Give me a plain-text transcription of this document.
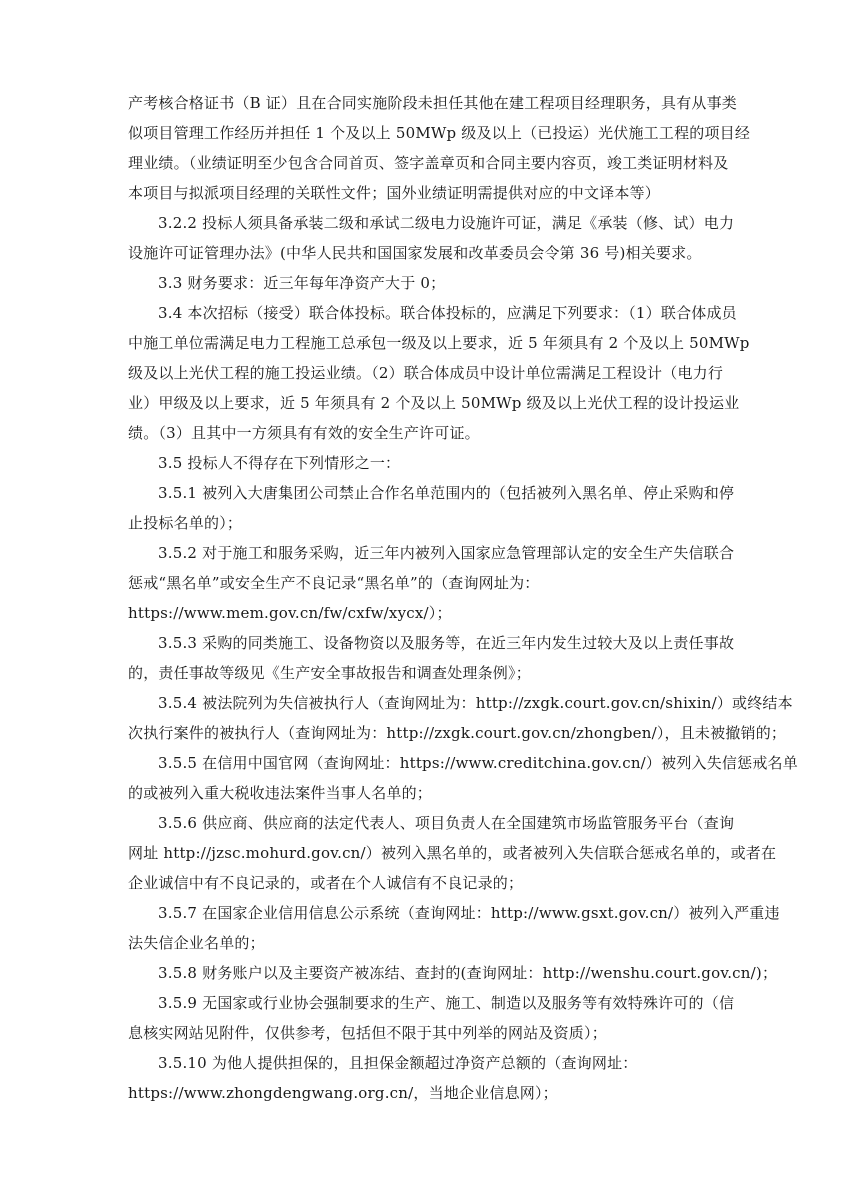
产考核合格证书（B 证）且在合同实施阶段未担任其他在建工程项目经理职务，具有从事类
似项目管理工作经历并担任 1 个及以上 50MWp 级及以上（已投运）光伏施工工程的项目经
理业绩。（业绩证明至少包含合同首页、签字盖章页和合同主要内容页，竣工类证明材料及
本项目与拟派项目经理的关联性文件；国外业绩证明需提供对应的中文译本等）
3.2.2 投标人须具备承装二级和承试二级电力设施许可证，满足《承装（修、试）电力
设施许可证管理办法》(中华人民共和国国家发展和改革委员会令第 36 号)相关要求。
3.3 财务要求：近三年每年净资产大于 0；
3.4 本次招标（接受）联合体投标。联合体投标的，应满足下列要求：（1）联合体成员
中施工单位需满足电力工程施工总承包一级及以上要求，近 5 年须具有 2 个及以上 50MWp
级及以上光伏工程的施工投运业绩。（2）联合体成员中设计单位需满足工程设计（电力行
业）甲级及以上要求，近 5 年须具有 2 个及以上 50MWp 级及以上光伏工程的设计投运业
绩。（3）且其中一方须具有有效的安全生产许可证。
3.5 投标人不得存在下列情形之一：
3.5.1 被列入大唐集团公司禁止合作名单范围内的（包括被列入黑名单、停止采购和停
止投标名单的）；
3.5.2 对于施工和服务采购，近三年内被列入国家应急管理部认定的安全生产失信联合
惩戒“黑名单”或安全生产不良记录“黑名单”的（查询网址为：
https://www.mem.gov.cn/fw/cxfw/xycx/）；
3.5.3 采购的同类施工、设备物资以及服务等，在近三年内发生过较大及以上责任事故
的，责任事故等级见《生产安全事故报告和调查处理条例》；
3.5.4 被法院列为失信被执行人（查询网址为：http://zxgk.court.gov.cn/shixin/）或终结本
次执行案件的被执行人（查询网址为：http://zxgk.court.gov.cn/zhongben/），且未被撤销的；
3.5.5 在信用中国官网（查询网址：https://www.creditchina.gov.cn/）被列入失信惩戒名单
的或被列入重大税收违法案件当事人名单的；
3.5.6 供应商、供应商的法定代表人、项目负责人在全国建筑市场监管服务平台（查询
网址 http://jzsc.mohurd.gov.cn/）被列入黑名单的，或者被列入失信联合惩戒名单的，或者在
企业诚信中有不良记录的，或者在个人诚信有不良记录的；
3.5.7 在国家企业信用信息公示系统（查询网址：http://www.gsxt.gov.cn/）被列入严重违
法失信企业名单的；
3.5.8 财务账户以及主要资产被冻结、查封的(查询网址：http://wenshu.court.gov.cn/)；
3.5.9 无国家或行业协会强制要求的生产、施工、制造以及服务等有效特殊许可的（信
息核实网站见附件，仅供参考，包括但不限于其中列举的网站及资质）；
3.5.10 为他人提供担保的，且担保金额超过净资产总额的（查询网址：
https://www.zhongdengwang.org.cn/，当地企业信息网）；
